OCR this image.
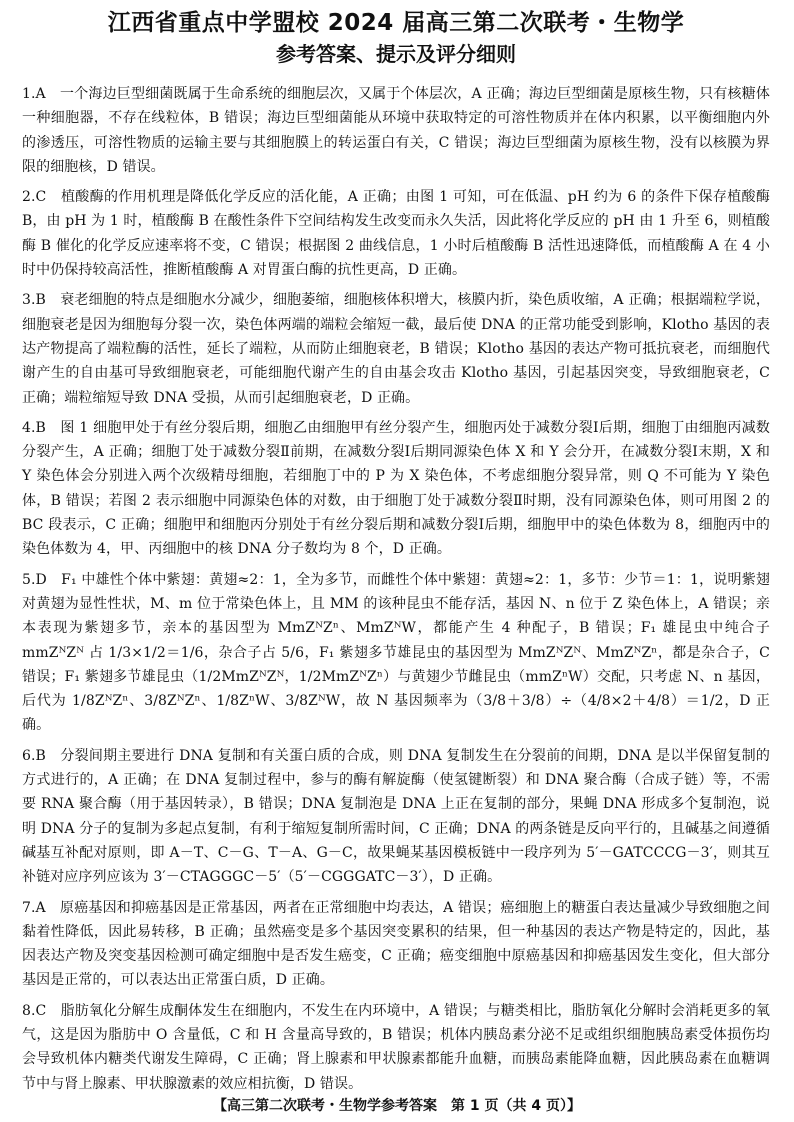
江西省重点中学盟校 2024 届高三第二次联考・生物学
参考答案、提示及评分细则

1.A　一个海边巨型细菌既属于生命系统的细胞层次，又属于个体层次，A 正确；海边巨型细菌是原核生物，只有核糖体一种细胞器，不存在线粒体，B 错误；海边巨型细菌能从环境中获取特定的可溶性物质并在体内积累，以平衡细胞内外的渗透压，可溶性物质的运输主要与其细胞膜上的转运蛋白有关，C 错误；海边巨型细菌为原核生物，没有以核膜为界限的细胞核，D 错误。

2.C　植酸酶的作用机理是降低化学反应的活化能，A 正确；由图 1 可知，可在低温、pH 约为 6 的条件下保存植酸酶 B，由 pH 为 1 时，植酸酶 B 在酸性条件下空间结构发生改变而永久失活，因此将化学反应的 pH 由 1 升至 6，则植酸酶 B 催化的化学反应速率将不变，C 错误；根据图 2 曲线信息，1 小时后植酸酶 B 活性迅速降低，而植酸酶 A 在 4 小时中仍保持较高活性，推断植酸酶 A 对胃蛋白酶的抗性更高，D 正确。

3.B　衰老细胞的特点是细胞水分减少，细胞萎缩，细胞核体积增大，核膜内折，染色质收缩，A 正确；根据端粒学说，细胞衰老是因为细胞每分裂一次，染色体两端的端粒会缩短一截，最后使 DNA 的正常功能受到影响，Klotho 基因的表达产物提高了端粒酶的活性，延长了端粒，从而防止细胞衰老，B 错误；Klotho 基因的表达产物可抵抗衰老，而细胞代谢产生的自由基可导致细胞衰老，可能细胞代谢产生的自由基会攻击 Klotho 基因，引起基因突变，导致细胞衰老，C 正确；端粒缩短导致 DNA 受损，从而引起细胞衰老，D 正确。

4.B　图 1 细胞甲处于有丝分裂后期，细胞乙由细胞甲有丝分裂产生，细胞丙处于减数分裂Ⅰ后期，细胞丁由细胞丙减数分裂产生，A 正确；细胞丁处于减数分裂Ⅱ前期，在减数分裂Ⅰ后期同源染色体 X 和 Y 会分开，在减数分裂Ⅰ末期，X 和 Y 染色体会分别进入两个次级精母细胞，若细胞丁中的 P 为 X 染色体，不考虑细胞分裂异常，则 Q 不可能为 Y 染色体，B 错误；若图 2 表示细胞中同源染色体的对数，由于细胞丁处于减数分裂Ⅱ时期，没有同源染色体，则可用图 2 的 BC 段表示，C 正确；细胞甲和细胞丙分别处于有丝分裂后期和减数分裂Ⅰ后期，细胞甲中的染色体数为 8，细胞丙中的染色体数为 4，甲、丙细胞中的核 DNA 分子数均为 8 个，D 正确。

5.D　F₁ 中雄性个体中紫翅：黄翅≈2：1，全为多节，而雌性个体中紫翅：黄翅≈2：1，多节：少节＝1：1，说明紫翅对黄翅为显性性状，M、m 位于常染色体上，且 MM 的该种昆虫不能存活，基因 N、n 位于 Z 染色体上，A 错误；亲本表现为紫翅多节，亲本的基因型为 MmZᴺZⁿ、MmZᴺW，都能产生 4 种配子，B 错误；F₁ 雄昆虫中纯合子 mmZᴺZᴺ 占 1/3×1/2＝1/6，杂合子占 5/6，F₁ 紫翅多节雄昆虫的基因型为 MmZᴺZᴺ、MmZᴺZⁿ，都是杂合子，C 错误；F₁ 紫翅多节雄昆虫（1/2MmZᴺZᴺ，1/2MmZᴺZⁿ）与黄翅少节雌昆虫（mmZⁿW）交配，只考虑 N、n 基因，后代为 1/8ZᴺZⁿ、3/8ZᴺZⁿ、1/8ZⁿW、3/8ZᴺW，故 N 基因频率为（3/8＋3/8）÷（4/8×2＋4/8）＝1/2，D 正确。

6.B　分裂间期主要进行 DNA 复制和有关蛋白质的合成，则 DNA 复制发生在分裂前的间期，DNA 是以半保留复制的方式进行的，A 正确；在 DNA 复制过程中，参与的酶有解旋酶（使氢键断裂）和 DNA 聚合酶（合成子链）等，不需要 RNA 聚合酶（用于基因转录），B 错误；DNA 复制泡是 DNA 上正在复制的部分，果蝇 DNA 形成多个复制泡，说明 DNA 分子的复制为多起点复制，有利于缩短复制所需时间，C 正确；DNA 的两条链是反向平行的，且碱基之间遵循碱基互补配对原则，即 A－T、C－G、T－A、G－C，故果蝇某基因模板链中一段序列为 5′－GATCCCG－3′，则其互补链对应序列应该为 3′－CTAGGGC－5′（5′－CGGGATC－3′），D 正确。

7.A　原癌基因和抑癌基因是正常基因，两者在正常细胞中均表达，A 错误；癌细胞上的糖蛋白表达量减少导致细胞之间黏着性降低，因此易转移，B 正确；虽然癌变是多个基因突变累积的结果，但一种基因的表达产物是特定的，因此，基因表达产物及突变基因检测可确定细胞中是否发生癌变，C 正确；癌变细胞中原癌基因和抑癌基因发生变化，但大部分基因是正常的，可以表达出正常蛋白质，D 正确。

8.C　脂肪氧化分解生成酮体发生在细胞内，不发生在内环境中，A 错误；与糖类相比，脂肪氧化分解时会消耗更多的氧气，这是因为脂肪中 O 含量低，C 和 H 含量高导致的，B 错误；机体内胰岛素分泌不足或组织细胞胰岛素受体损伤均会导致机体内糖类代谢发生障碍，C 正确；肾上腺素和甲状腺素都能升血糖，而胰岛素能降血糖，因此胰岛素在血糖调节中与肾上腺素、甲状腺激素的效应相抗衡，D 错误。

【高三第二次联考・生物学参考答案　第 1 页（共 4 页）】
